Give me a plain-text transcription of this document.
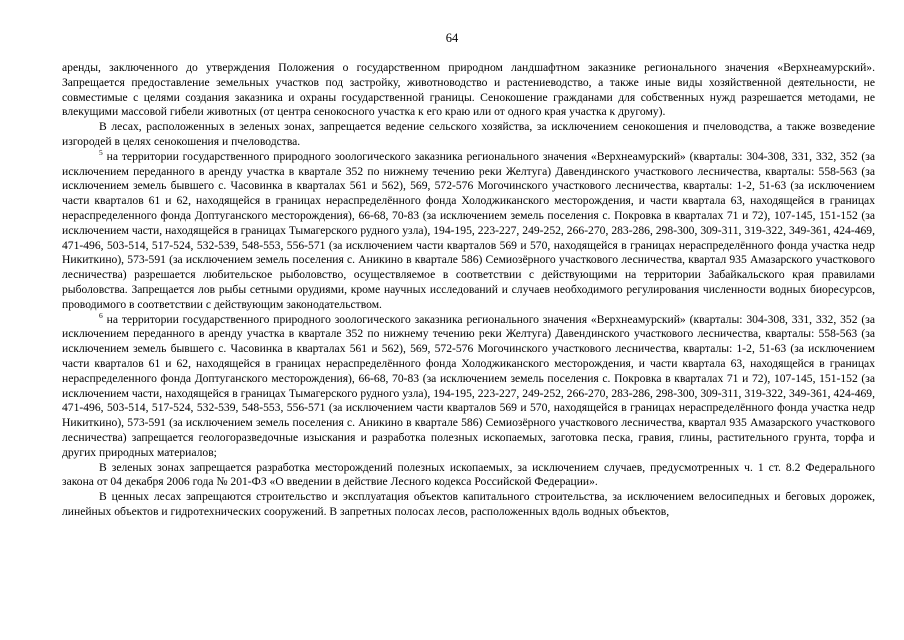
64

аренды, заключенного до утверждения Положения о государственном природном ландшафтном заказнике регионального значения «Верхнеамурский». Запрещается предоставление земельных участков под застройку, животноводство и растениеводство, а также иные виды хозяйственной деятельности, не совместимые с целями создания заказника и охраны государственной границы. Сенокошение гражданами для собственных нужд разрешается методами, не влекущими массовой гибели животных (от центра сенокосного участка к его краю или от одного края участка к другому).

В лесах, расположенных в зеленых зонах, запрещается ведение сельского хозяйства, за исключением сенокошения и пчеловодства, а также возведение изгородей в целях сенокошения и пчеловодства.

$^5$ на территории государственного природного зоологического заказника регионального значения «Верхнеамурский» (кварталы: 304-308, 331, 332, 352 (за исключением переданного в аренду участка в квартале 352 по нижнему течению реки Желтуга) Давендинского участкового лесничества, кварталы: 558-563 (за исключением земель бывшего с. Часовинка в кварталах 561 и 562), 569, 572-576 Могочинского участкового лесничества, кварталы: 1-2, 51-63 (за исключением части кварталов 61 и 62, находящейся в границах нераспределённого фонда Холоджиканского месторождения, и части квартала 63, находящейся в границах нераспределенного фонда Доптуганского месторождения), 66-68, 70-83 (за исключением земель поселения с. Покровка в кварталах 71 и 72), 107-145, 151-152 (за исключением части, находящейся в границах Тымагерского рудного узла), 194-195, 223-227, 249-252, 266-270, 283-286, 298-300, 309-311, 319-322, 349-361, 424-469, 471-496, 503-514, 517-524, 532-539, 548-553, 556-571 (за исключением части кварталов 569 и 570, находящейся в границах нераспределённого фонда участка недр Никиткино), 573-591 (за исключением земель поселения с. Аникино в квартале 586) Семиозёрного участкового лесничества, квартал 935 Амазарского участкового лесничества) разрешается любительское рыболовство, осуществляемое в соответствии с действующими на территории Забайкальского края правилами рыболовства. Запрещается лов рыбы сетными орудиями, кроме научных исследований и случаев необходимого регулирования численности водных биоресурсов, проводимого в соответствии с действующим законодательством.

$^6$ на территории государственного природного зоологического заказника регионального значения «Верхнеамурский» (кварталы: 304-308, 331, 332, 352 (за исключением переданного в аренду участка в квартале 352 по нижнему течению реки Желтуга) Давендинского участкового лесничества, кварталы: 558-563 (за исключением земель бывшего с. Часовинка в кварталах 561 и 562), 569, 572-576 Могочинского участкового лесничества, кварталы: 1-2, 51-63 (за исключением части кварталов 61 и 62, находящейся в границах нераспределённого фонда Холоджиканского месторождения, и части квартала 63, находящейся в границах нераспределенного фонда Доптуганского месторождения), 66-68, 70-83 (за исключением земель поселения с. Покровка в кварталах 71 и 72), 107-145, 151-152 (за исключением части, находящейся в границах Тымагерского рудного узла), 194-195, 223-227, 249-252, 266-270, 283-286, 298-300, 309-311, 319-322, 349-361, 424-469, 471-496, 503-514, 517-524, 532-539, 548-553, 556-571 (за исключением части кварталов 569 и 570, находящейся в границах нераспределённого фонда участка недр Никиткино), 573-591 (за исключением земель поселения с. Аникино в квартале 586) Семиозёрного участкового лесничества, квартал 935 Амазарского участкового лесничества) запрещается геологоразведочные изыскания и разработка полезных ископаемых, заготовка песка, гравия, глины, растительного грунта, торфа и других природных материалов;

В зеленых зонах запрещается разработка месторождений полезных ископаемых, за исключением случаев, предусмотренных ч. 1 ст. 8.2 Федерального закона от 04 декабря 2006 года № 201-ФЗ «О введении в действие Лесного кодекса Российской Федерации».

В ценных лесах запрещаются строительство и эксплуатация объектов капитального строительства, за исключением велосипедных и беговых дорожек, линейных объектов и гидротехнических сооружений. В запретных полосах лесов, расположенных вдоль водных объектов,
